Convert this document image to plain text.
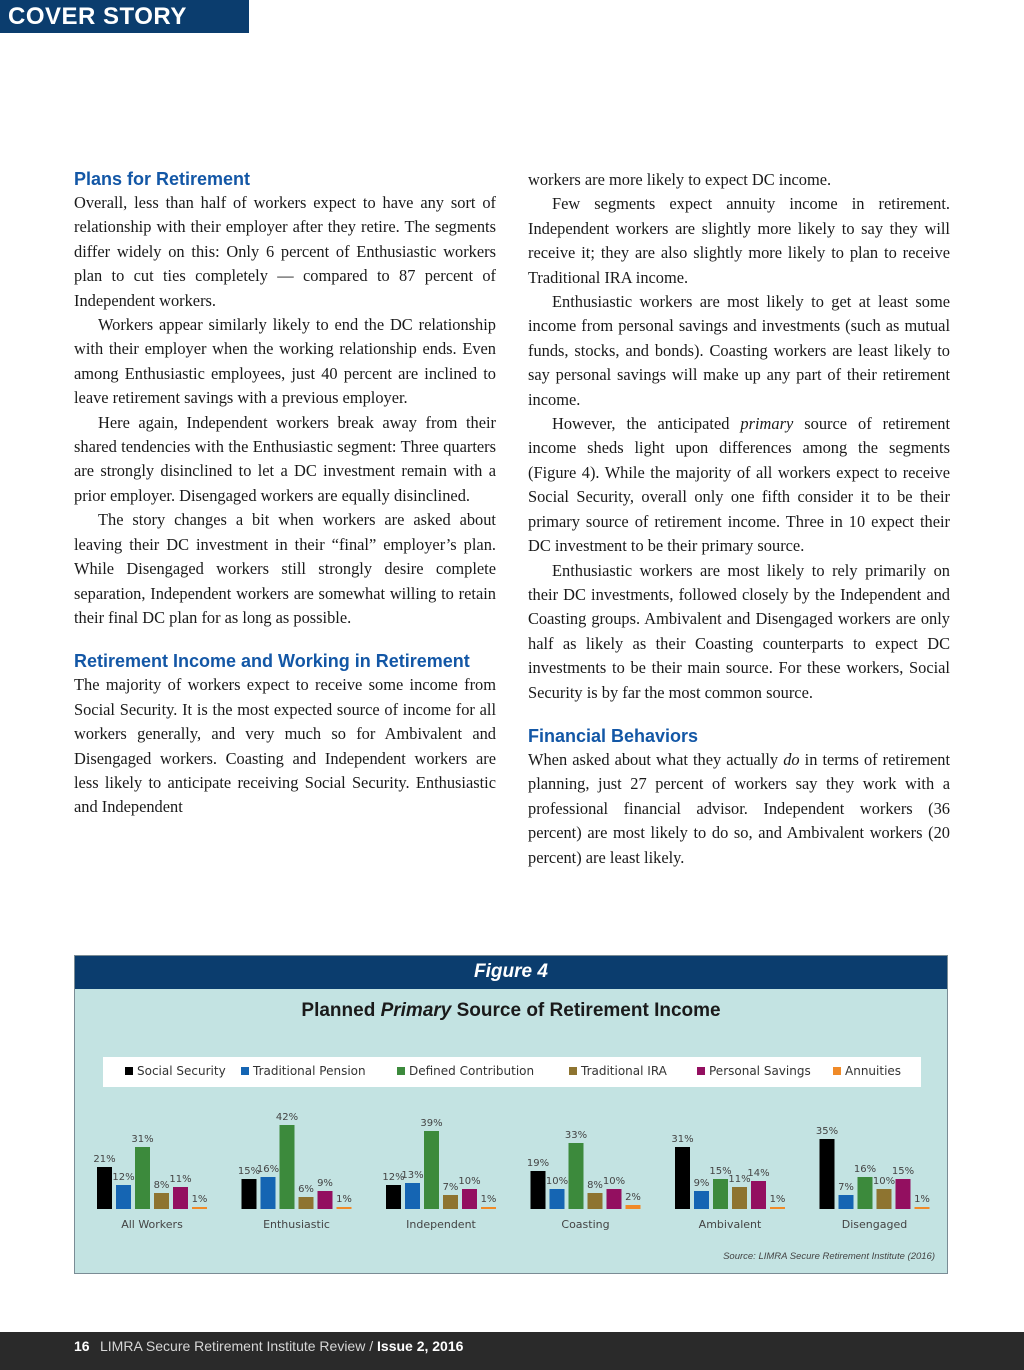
COVER STORY
Plans for Retirement

Overall, less than half of workers expect to have any sort of relationship with their employer after they retire. The segments differ widely on this: Only 6 percent of Enthusiastic workers plan to cut ties completely — compared to 87 percent of Independent workers.

Workers appear similarly likely to end the DC relationship with their employer when the working relationship ends. Even among Enthusiastic employees, just 40 percent are inclined to leave retirement savings with a previous employer.

Here again, Independent workers break away from their shared tendencies with the Enthusiastic segment: Three quarters are strongly disinclined to let a DC investment remain with a prior employer. Disengaged workers are equally disinclined.

The story changes a bit when workers are asked about leaving their DC investment in their “final” employer’s plan. While Disengaged workers still strongly desire complete separation, Independent workers are somewhat willing to retain their final DC plan for as long as possible.

Retirement Income and Working in Retirement

The majority of workers expect to receive some income from Social Security. It is the most expected source of income for all workers generally, and very much so for Ambivalent and Disengaged workers. Coasting and Independent workers are less likely to anticipate receiving Social Security. Enthusiastic and Independent

workers are more likely to expect DC income.

Few segments expect annuity income in retirement. Independent workers are slightly more likely to say they will receive it; they are also slightly more likely to plan to receive Traditional IRA income.

Enthusiastic workers are most likely to get at least some income from personal savings and investments (such as mutual funds, stocks, and bonds). Coasting workers are least likely to say personal savings will make up any part of their retirement income.

However, the anticipated primary source of retirement income sheds light upon differences among the segments (Figure 4). While the majority of all workers expect to receive Social Security, overall only one fifth consider it to be their primary source of retirement income. Three in 10 expect their DC investment to be their primary source.

Enthusiastic workers are most likely to rely primarily on their DC investments, followed closely by the Independent and Coasting groups. Ambivalent and Disengaged workers are only half as likely as their Coasting counterparts to expect DC investments to be their main source. For these workers, Social Security is by far the most common source.

Financial Behaviors

When asked about what they actually do in terms of retirement planning, just 27 percent of workers say they work with a professional financial advisor. Independent workers (36 percent) are most likely to do so, and Ambivalent workers (20 percent) are least likely.

Figure 4
Planned Primary Source of Retirement Income
Social Security	Traditional Pension	Defined Contribution	Traditional IRA	Personal Savings	Annuities
21%
12%
31%
8%
11%
1%
All Workers
15%
16%
42%
6%
9%
1%
Enthusiastic
12%
13%
39%
7%
10%
1%
Independent
19%
10%
33%
8% 10%
2%
Coasting
31%
9%
15%
11%
14%
1%
Ambivalent
35%
7%
16%
10%
15%
1%
Disengaged
Source: LIMRA Secure Retirement Institute (2016)
16 LIMRA Secure Retirement Institute Review / Issue 2, 2016
